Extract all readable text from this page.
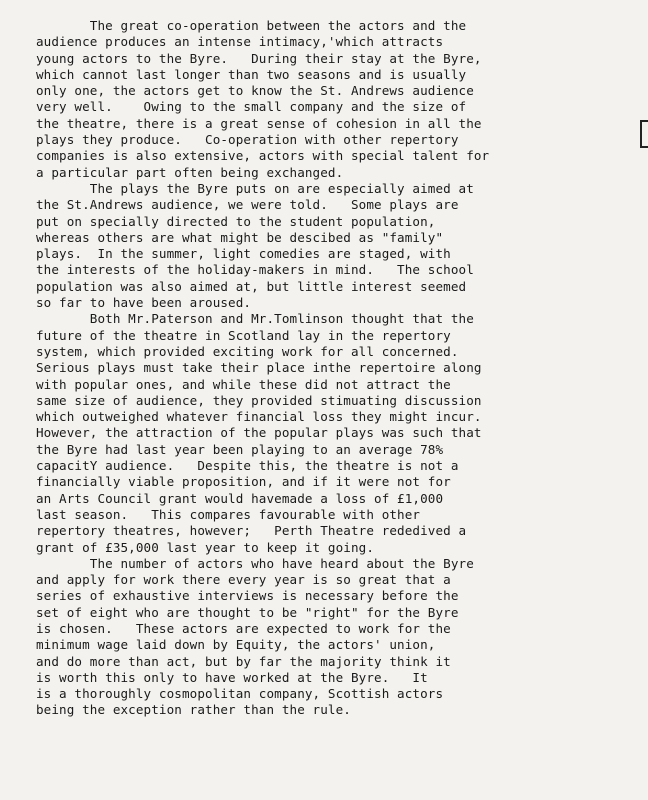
The great co-operation between the actors and the
audience produces an intense intimacy,'which attracts
young actors to the Byre.   During their stay at the Byre,
which cannot last longer than two seasons and is usually
only one, the actors get to know the St. Andrews audience
very well.    Owing to the small company and the size of
the theatre, there is a great sense of cohesion in all the
plays they produce.   Co-operation with other repertory
companies is also extensive, actors with special talent for
a particular part often being exchanged.
The plays the Byre puts on are especially aimed at
the St.Andrews audience, we were told.   Some plays are
put on specially directed to the student population,
whereas others are what might be descibed as "family"
plays.  In the summer, light comedies are staged, with
the interests of the holiday-makers in mind.   The school
population was also aimed at, but little interest seemed
so far to have been aroused.
Both Mr.Paterson and Mr.Tomlinson thought that the
future of the theatre in Scotland lay in the repertory
system, which provided exciting work for all concerned.
Serious plays must take their place inthe repertoire along
with popular ones, and while these did not attract the
same size of audience, they provided stimuating discussion
which outweighed whatever financial loss they might incur.
However, the attraction of the popular plays was such that
the Byre had last year been playing to an average 78%
capacitY audience.   Despite this, the theatre is not a
financially viable proposition, and if it were not for
an Arts Council grant would havemade a loss of £1,000
last season.   This compares favourable with other
repertory theatres, however;   Perth Theatre rededived a
grant of £35,000 last year to keep it going.
The number of actors who have heard about the Byre
and apply for work there every year is so great that a
series of exhaustive interviews is necessary before the
set of eight who are thought to be "right" for the Byre
is chosen.   These actors are expected to work for the
minimum wage laid down by Equity, the actors' union,
and do more than act, but by far the majority think it
is worth this only to have worked at the Byre.   It
is a thoroughly cosmopolitan company, Scottish actors
being the exception rather than the rule.
